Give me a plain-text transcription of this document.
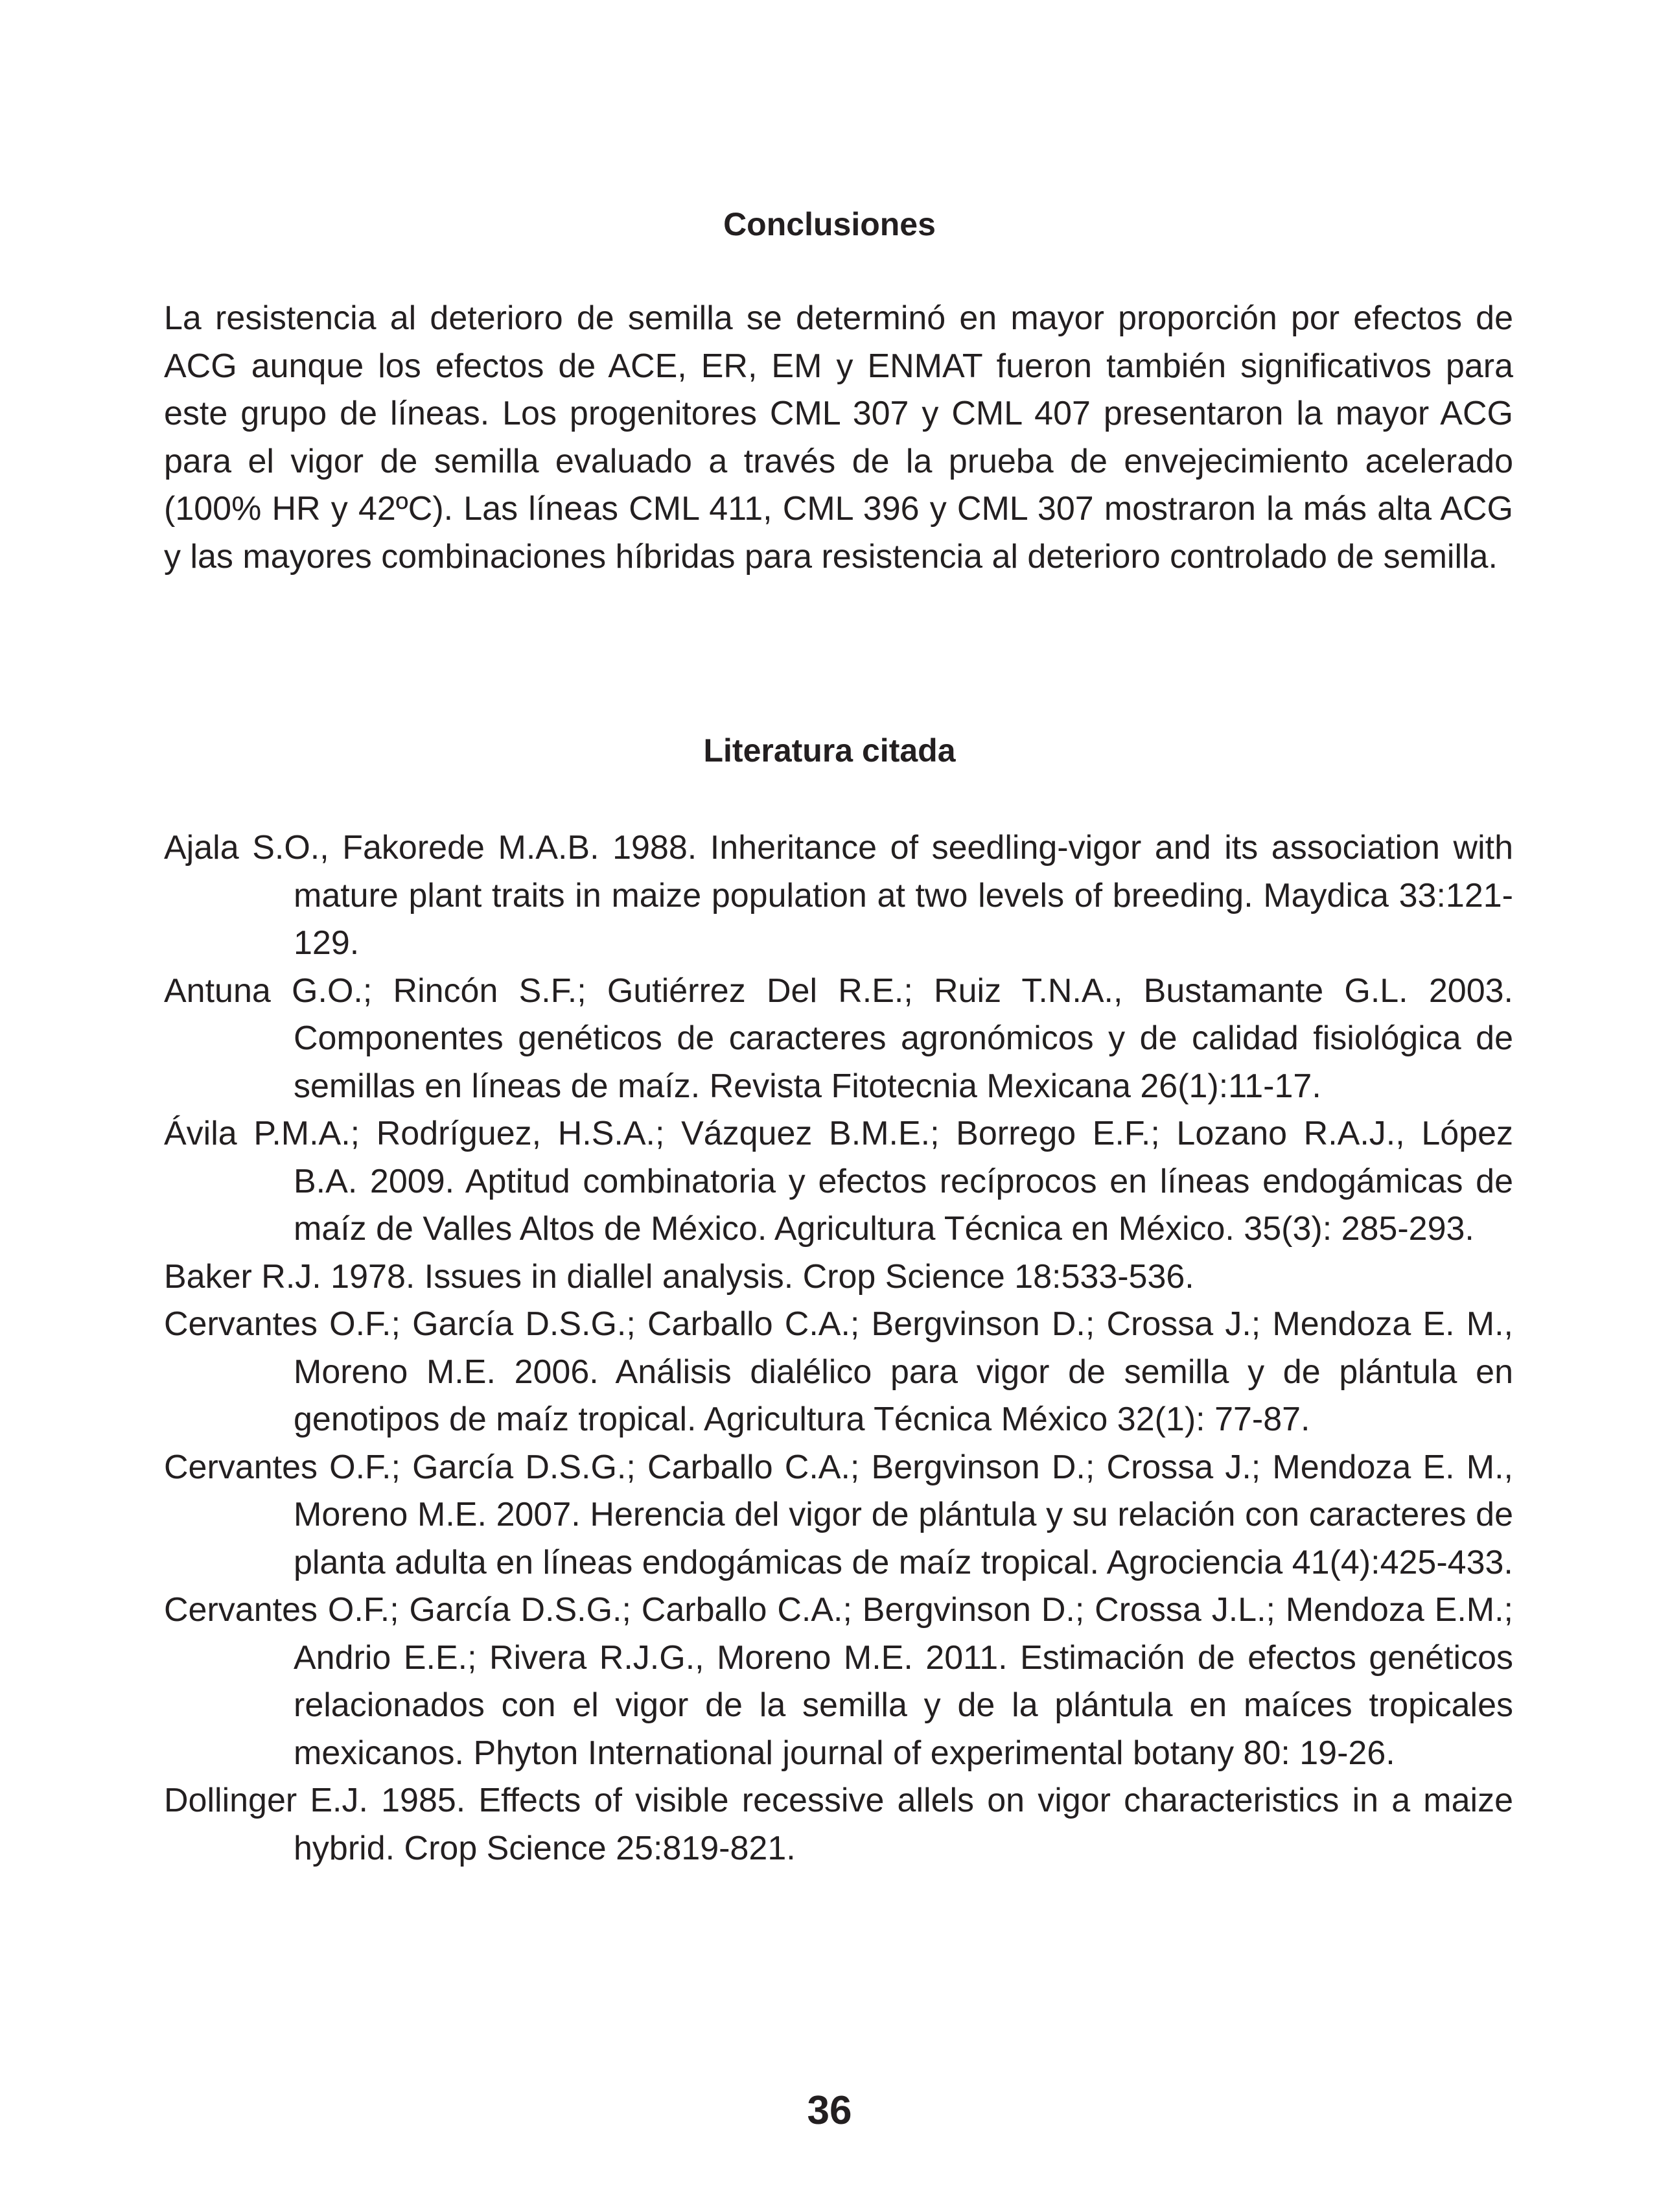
Conclusiones

La resistencia al deterioro de semilla se determinó en mayor proporción por efectos de ACG aunque los efectos de ACE, ER, EM y ENMAT fueron también significativos para este grupo de líneas. Los progenitores CML 307 y CML 407 presentaron la mayor ACG para el vigor de semilla evaluado a través de la prueba de envejecimiento acelerado (100% HR y 42ºC). Las líneas CML 411, CML 396 y CML 307 mostraron la más alta ACG y las mayores combinaciones híbridas para resistencia al deterioro controlado de semilla.

Literatura citada
Ajala S.O., Fakorede M.A.B. 1988. Inheritance of seedling-vigor and its association with mature plant traits in maize population at two levels of breeding. Maydica 33:121-129.
Antuna G.O.; Rincón S.F.; Gutiérrez Del R.E.; Ruiz T.N.A., Bustamante G.L. 2003. Componentes genéticos de caracteres agronómicos y de calidad fisiológica de semillas en líneas de maíz. Revista Fitotecnia Mexicana 26(1):11-17.
Ávila P.M.A.; Rodríguez, H.S.A.; Vázquez B.M.E.; Borrego E.F.; Lozano R.A.J., López B.A. 2009. Aptitud combinatoria y efectos recíprocos en líneas endogámicas de maíz de Valles Altos de México. Agricultura Técnica en México. 35(3): 285-293.
Baker R.J. 1978. Issues in diallel analysis. Crop Science 18:533-536.
Cervantes O.F.; García D.S.G.; Carballo C.A.; Bergvinson D.; Crossa J.; Mendoza E. M., Moreno M.E. 2006. Análisis dialélico para vigor de semilla y de plántula en genotipos de maíz tropical. Agricultura Técnica México 32(1): 77-87.
Cervantes O.F.; García D.S.G.; Carballo C.A.; Bergvinson D.; Crossa J.; Mendoza E. M., Moreno M.E. 2007. Herencia del vigor de plántula y su relación con caracteres de planta adulta en líneas endogámicas de maíz tropical. Agrociencia 41(4):425-433.
Cervantes O.F.; García D.S.G.; Carballo C.A.; Bergvinson D.; Crossa J.L.; Mendoza E.M.; Andrio E.E.; Rivera R.J.G., Moreno M.E. 2011. Estimación de efectos genéticos relacionados con el vigor de la semilla y de la plántula en maíces tropicales mexicanos. Phyton International journal of experimental botany 80: 19-26.
Dollinger E.J. 1985. Effects of visible recessive allels on vigor characteristics in a maize hybrid. Crop Science 25:819-821.
36
